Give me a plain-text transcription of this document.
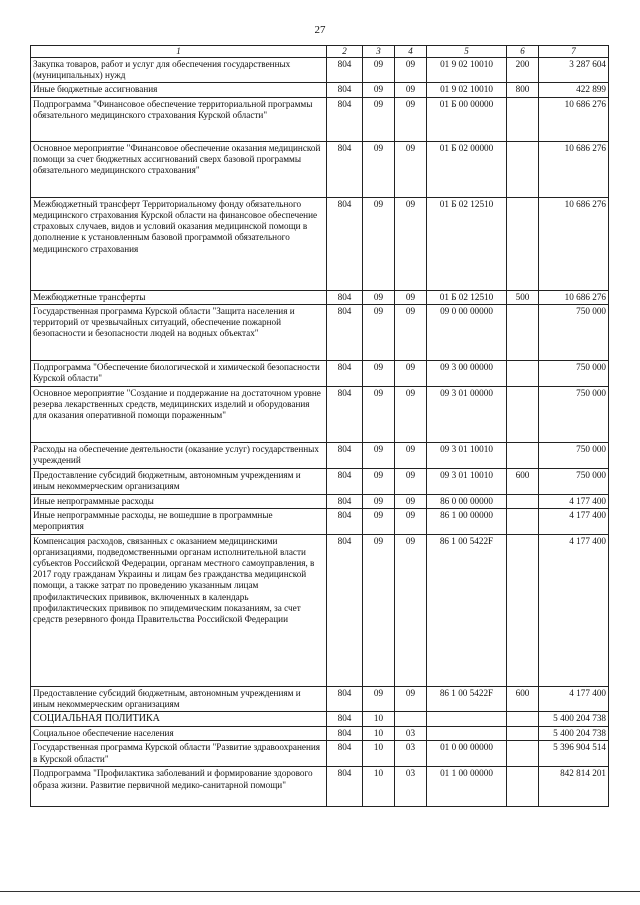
27
1	2	3	4	5	6	7
Закупка товаров, работ и услуг для обеспечения государственных (муниципальных) нужд	804	09	09	01 9 02 10010	200	3 287 604
Иные бюджетные ассигнования	804	09	09	01 9 02 10010	800	422 899
Подпрограмма "Финансовое обеспечение территориальной программы обязательного медицинского страхования Курской области"	804	09	09	01 Б 00 00000		10 686 276
Основное мероприятие "Финансовое обеспечение оказания медицинской помощи за счет бюджетных ассигнований сверх базовой программы обязательного медицинского страхования"	804	09	09	01 Б 02 00000		10 686 276
Межбюджетный трансферт Территориальному фонду обязательного медицинского страхования Курской области на финансовое обеспечение страховых случаев, видов и условий оказания медицинской помощи в дополнение к установленным базовой программой обязательного медицинского страхования	804	09	09	01 Б 02 12510		10 686 276
Межбюджетные трансферты	804	09	09	01 Б 02 12510	500	10 686 276
Государственная программа Курской области "Защита населения и территорий от чрезвычайных ситуаций, обеспечение пожарной безопасности и безопасности людей на водных объектах"	804	09	09	09 0 00 00000		750 000
Подпрограмма "Обеспечение биологической и химической безопасности Курской области"	804	09	09	09 3 00 00000		750 000
Основное мероприятие "Создание и поддержание на достаточном уровне резерва лекарственных средств, медицинских изделий и оборудования для оказания оперативной помощи пораженным"	804	09	09	09 3 01 00000		750 000
Расходы на обеспечение деятельности (оказание услуг) государственных учреждений	804	09	09	09 3 01 10010		750 000
Предоставление субсидий бюджетным, автономным учреждениям и иным некоммерческим организациям	804	09	09	09 3 01 10010	600	750 000
Иные непрограммные расходы	804	09	09	86 0 00 00000		4 177 400
Иные непрограммные расходы, не вошедшие в программные мероприятия	804	09	09	86 1 00 00000		4 177 400
Компенсация расходов, связанных с оказанием медицинскими организациями, подведомственными органам исполнительной власти субъектов Российской Федерации, органам местного самоуправления, в 2017 году гражданам Украины и лицам без гражданства медицинской помощи, а также затрат по проведению указанным лицам профилактических прививок, включенных в календарь профилактических прививок по эпидемическим показаниям, за счет средств резервного фонда Правительства Российской Федерации	804	09	09	86 1 00 5422F		4 177 400
Предоставление субсидий бюджетным, автономным учреждениям и иным некоммерческим организациям	804	09	09	86 1 00 5422F	600	4 177 400
СОЦИАЛЬНАЯ ПОЛИТИКА	804	10				5 400 204 738
Социальное обеспечение населения	804	10	03			5 400 204 738
Государственная программа Курской области "Развитие здравоохранения в Курской области"	804	10	03	01 0 00 00000		5 396 904 514
Подпрограмма "Профилактика заболеваний и формирование здорового образа жизни. Развитие первичной медико-санитарной помощи"	804	10	03	01 1 00 00000		842 814 201
